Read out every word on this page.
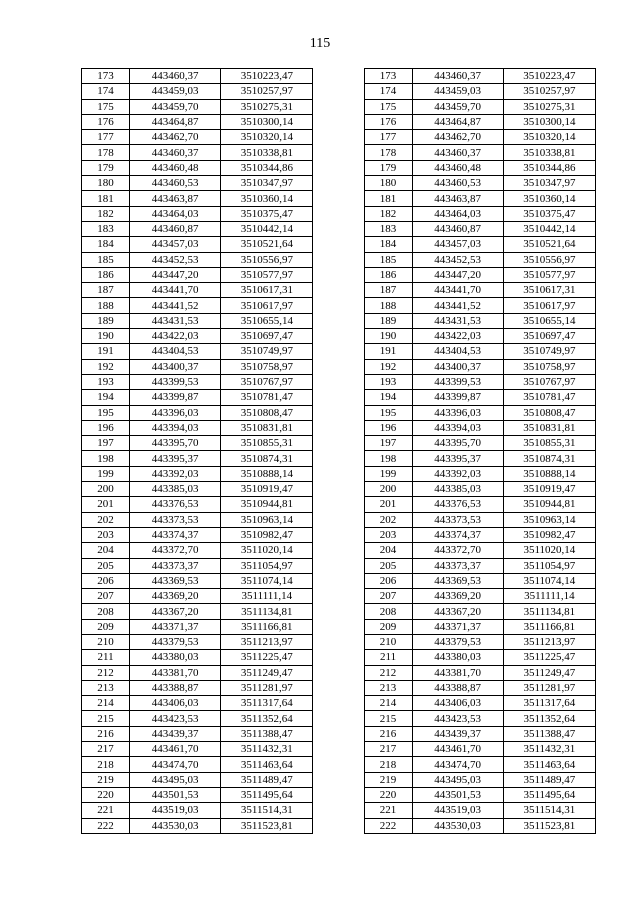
115
173	443460,37	3510223,47		173	443460,37	3510223,47
174	443459,03	3510257,97		174	443459,03	3510257,97
175	443459,70	3510275,31		175	443459,70	3510275,31
176	443464,87	3510300,14		176	443464,87	3510300,14
177	443462,70	3510320,14		177	443462,70	3510320,14
178	443460,37	3510338,81		178	443460,37	3510338,81
179	443460,48	3510344,86		179	443460,48	3510344,86
180	443460,53	3510347,97		180	443460,53	3510347,97
181	443463,87	3510360,14		181	443463,87	3510360,14
182	443464,03	3510375,47		182	443464,03	3510375,47
183	443460,87	3510442,14		183	443460,87	3510442,14
184	443457,03	3510521,64		184	443457,03	3510521,64
185	443452,53	3510556,97		185	443452,53	3510556,97
186	443447,20	3510577,97		186	443447,20	3510577,97
187	443441,70	3510617,31		187	443441,70	3510617,31
188	443441,52	3510617,97		188	443441,52	3510617,97
189	443431,53	3510655,14		189	443431,53	3510655,14
190	443422,03	3510697,47		190	443422,03	3510697,47
191	443404,53	3510749,97		191	443404,53	3510749,97
192	443400,37	3510758,97		192	443400,37	3510758,97
193	443399,53	3510767,97		193	443399,53	3510767,97
194	443399,87	3510781,47		194	443399,87	3510781,47
195	443396,03	3510808,47		195	443396,03	3510808,47
196	443394,03	3510831,81		196	443394,03	3510831,81
197	443395,70	3510855,31		197	443395,70	3510855,31
198	443395,37	3510874,31		198	443395,37	3510874,31
199	443392,03	3510888,14		199	443392,03	3510888,14
200	443385,03	3510919,47		200	443385,03	3510919,47
201	443376,53	3510944,81		201	443376,53	3510944,81
202	443373,53	3510963,14		202	443373,53	3510963,14
203	443374,37	3510982,47		203	443374,37	3510982,47
204	443372,70	3511020,14		204	443372,70	3511020,14
205	443373,37	3511054,97		205	443373,37	3511054,97
206	443369,53	3511074,14		206	443369,53	3511074,14
207	443369,20	3511111,14		207	443369,20	3511111,14
208	443367,20	3511134,81		208	443367,20	3511134,81
209	443371,37	3511166,81		209	443371,37	3511166,81
210	443379,53	3511213,97		210	443379,53	3511213,97
211	443380,03	3511225,47		211	443380,03	3511225,47
212	443381,70	3511249,47		212	443381,70	3511249,47
213	443388,87	3511281,97		213	443388,87	3511281,97
214	443406,03	3511317,64		214	443406,03	3511317,64
215	443423,53	3511352,64		215	443423,53	3511352,64
216	443439,37	3511388,47		216	443439,37	3511388,47
217	443461,70	3511432,31		217	443461,70	3511432,31
218	443474,70	3511463,64		218	443474,70	3511463,64
219	443495,03	3511489,47		219	443495,03	3511489,47
220	443501,53	3511495,64		220	443501,53	3511495,64
221	443519,03	3511514,31		221	443519,03	3511514,31
222	443530,03	3511523,81		222	443530,03	3511523,81
